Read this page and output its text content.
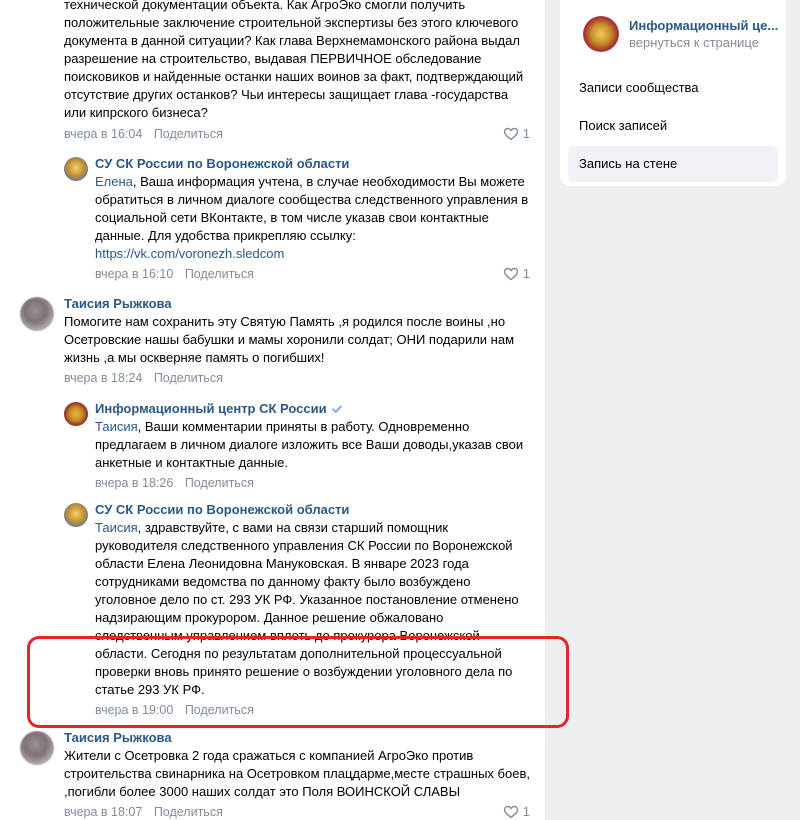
технической документации объекта. Как АгроЭко смогли получить положительные заключение строительной экспертизы без этого ключевого документа в данной ситуации? Как глава Верхнемамонского района выдал разрешение на строительство, выдавая ПЕРВИЧНОЕ обследование поисковиков и найденные останки наших воинов за факт, подтверждающий отсутствие других останков? Чьи интересы защищает глава -государства или кипрского бизнеса?
вчера в 16:04 Поделиться	1
СУ СК России по Воронежской области
Елена, Ваша информация учтена, в случае необходимости Вы можете обратиться в личном диалоге сообщества следственного управления в социальной сети ВКонтакте, в том числе указав свои контактные данные. Для удобства прикрепляю ссылку:
https://vk.com/voronezh.sledcom
вчера в 16:10 Поделиться	1
Таисия Рыжкова
Помогите нам сохранить эту Святую Память ,я родился после воины ,но Осетровские нашы бабушки и мамы хоронили солдат; ОНИ подарили нам жизнь ,а мы оскверняе память о погибших!
вчера в 18:24 Поделиться
Информационный центр СК России
Таисия, Ваши комментарии приняты в работу. Одновременно предлагаем в личном диалоге изложить все Ваши доводы,указав свои анкетные и контактные данные.
вчера в 18:26 Поделиться
СУ СК России по Воронежской области
Таисия, здравствуйте, с вами на связи старший помощник руководителя следственного управления СК России по Воронежской области Елена Леонидовна Мануковская. В январе 2023 года сотрудниками ведомства по данному факту было возбуждено уголовное дело по ст. 293 УК РФ. Указанное постановление отменено надзирающим прокурором. Данное решение обжаловано следственным управлением вплоть до прокурора Воронежской области. Сегодня по результатам дополнительной процессуальной проверки вновь принято решение о возбуждении уголовного дела по статье 293 УК РФ.
вчера в 19:00 Поделиться
Таисия Рыжкова
Жители с Осетровка 2 года сражаться с компанией АгроЭко против строительства свинарника на Осетровком плацдарме,месте страшных боев, ,погибли более 3000 наших солдат это Поля ВОИНСКОЙ СЛАВЫ
вчера в 18:07 Поделиться	1
Информационный це...
вернуться к странице
Записи сообщества
Поиск записей
Запись на стене
